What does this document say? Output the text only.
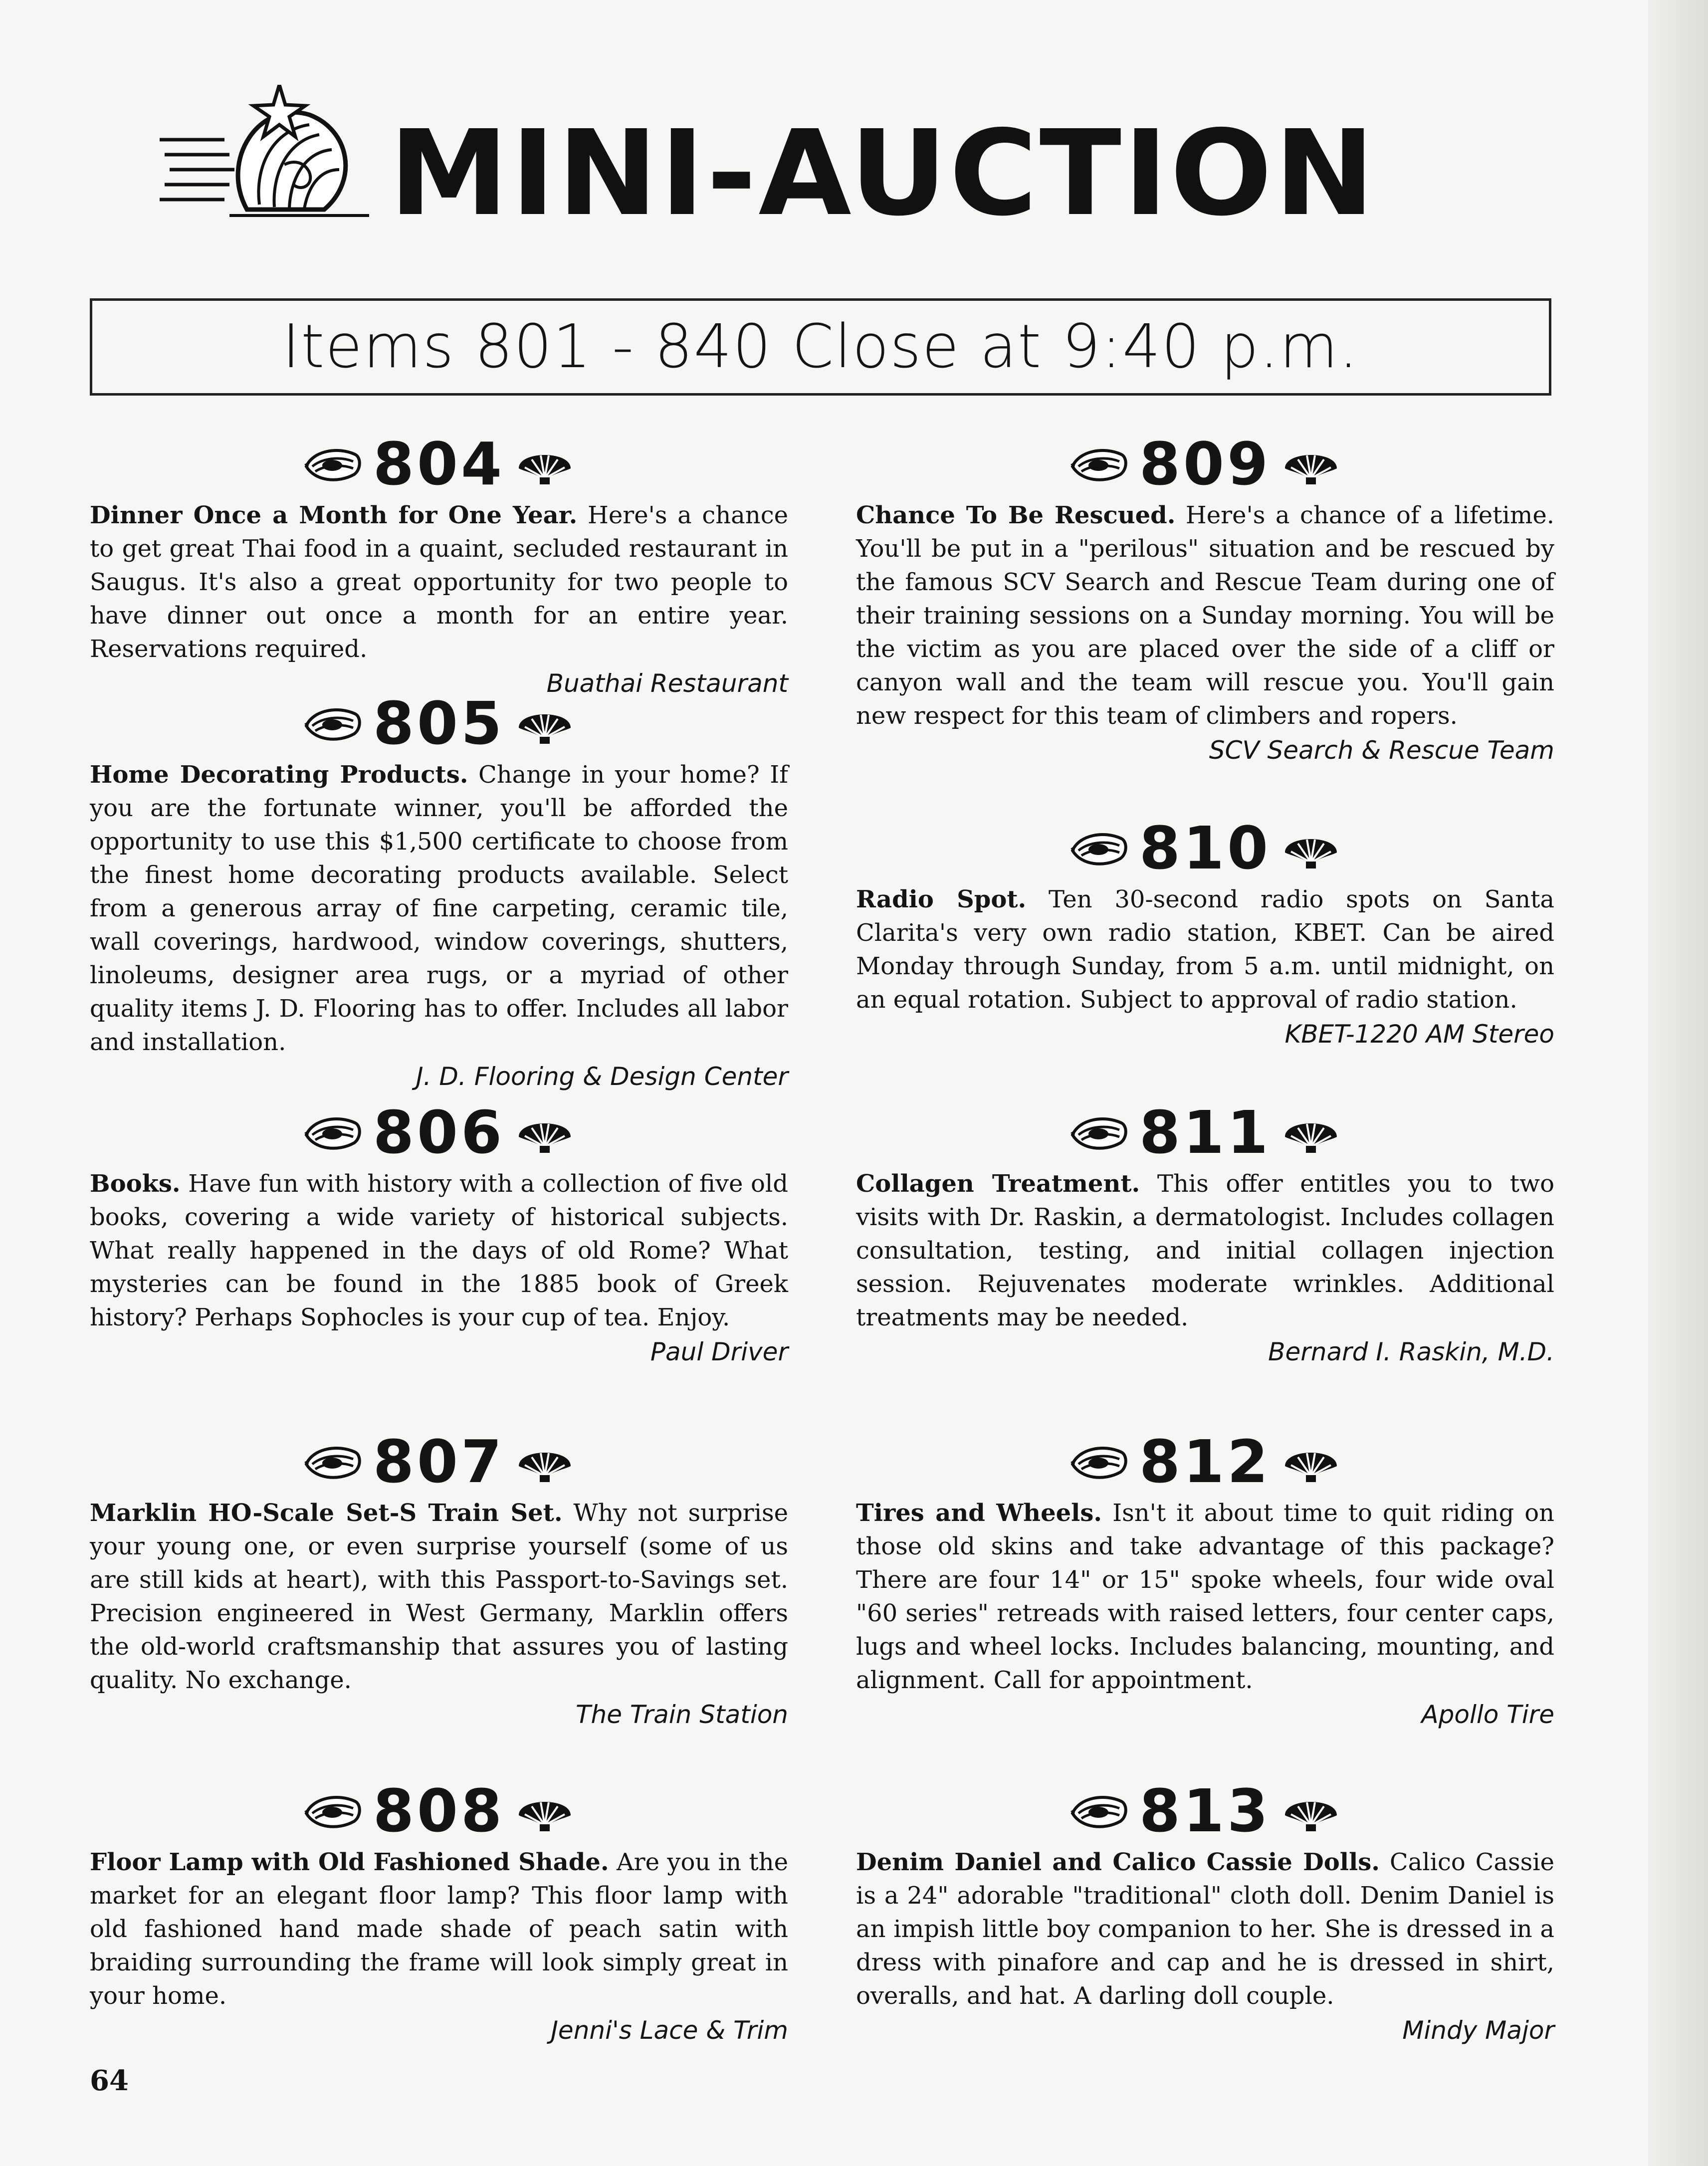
MINI-AUCTION
Items 801 - 840 Close at 9:40 p.m.
804
Dinner Once a Month for One Year. Here's a chance to get great Thai food in a quaint, secluded restaurant in Saugus. It's also a great opportunity for two people to have dinner out once a month for an entire year. Reservations required.
Buathai Restaurant
805
Home Decorating Products. Change in your home? If you are the fortunate winner, you'll be afforded the opportunity to use this $1,500 certificate to choose from the finest home decorating products available. Select from a generous array of fine carpeting, ceramic tile, wall coverings, hardwood, window coverings, shutters, linoleums, designer area rugs, or a myriad of other quality items J. D. Flooring has to offer. Includes all labor and installation.
J. D. Flooring & Design Center
806
Books. Have fun with history with a collection of five old books, covering a wide variety of historical subjects. What really happened in the days of old Rome? What mysteries can be found in the 1885 book of Greek history? Perhaps Sophocles is your cup of tea. Enjoy.
Paul Driver
807
Marklin HO-Scale Set-S Train Set. Why not surprise your young one, or even surprise yourself (some of us are still kids at heart), with this Passport-to-Savings set. Precision engineered in West Germany, Marklin offers the old-world craftsmanship that assures you of lasting quality. No exchange.
The Train Station
808
Floor Lamp with Old Fashioned Shade. Are you in the market for an elegant floor lamp? This floor lamp with old fashioned hand made shade of peach satin with braiding surrounding the frame will look simply great in your home.
Jenni's Lace & Trim
809
Chance To Be Rescued. Here's a chance of a lifetime. You'll be put in a "perilous" situation and be rescued by the famous SCV Search and Rescue Team during one of their training sessions on a Sunday morning. You will be the victim as you are placed over the side of a cliff or canyon wall and the team will rescue you. You'll gain new respect for this team of climbers and ropers.
SCV Search & Rescue Team
810
Radio Spot. Ten 30-second radio spots on Santa Clarita's very own radio station, KBET. Can be aired Monday through Sunday, from 5 a.m. until midnight, on an equal rotation. Subject to approval of radio station.
KBET-1220 AM Stereo
811
Collagen Treatment. This offer entitles you to two visits with Dr. Raskin, a dermatologist. Includes collagen consultation, testing, and initial collagen injection session. Rejuvenates moderate wrinkles. Additional treatments may be needed.
Bernard I. Raskin, M.D.
812
Tires and Wheels. Isn't it about time to quit riding on those old skins and take advantage of this package? There are four 14" or 15" spoke wheels, four wide oval "60 series" retreads with raised letters, four center caps, lugs and wheel locks. Includes balancing, mounting, and alignment. Call for appointment.
Apollo Tire
813
Denim Daniel and Calico Cassie Dolls. Calico Cassie is a 24" adorable "traditional" cloth doll. Denim Daniel is an impish little boy companion to her. She is dressed in a dress with pinafore and cap and he is dressed in shirt, overalls, and hat. A darling doll couple.
Mindy Major
64
